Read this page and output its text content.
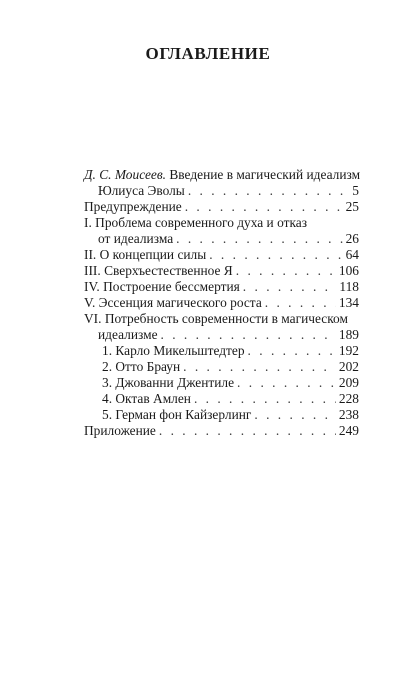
ОГЛАВЛЕНИЕ
Д. С. Моисеев. Введение в магический идеализм
Юлиуса Эволы . . .	5
Предупреждение . . .	25
I. Проблема современного духа и отказ
от идеализма . . .	26
II. О концепции силы . . .	64
III. Сверхъестественное Я . . .	106
IV. Построение бессмертия . . .	118
V. Эссенция магического роста . . .	134
VI. Потребность современности в магическом
идеализме . . .	189
1. Карло Микельштедтер . . .	192
2. Отто Браун . . .	202
3. Джованни Джентиле . . .	209
4. Октав Амлен . . .	228
5. Герман фон Кайзерлинг . . .	238
Приложение . . .	249
